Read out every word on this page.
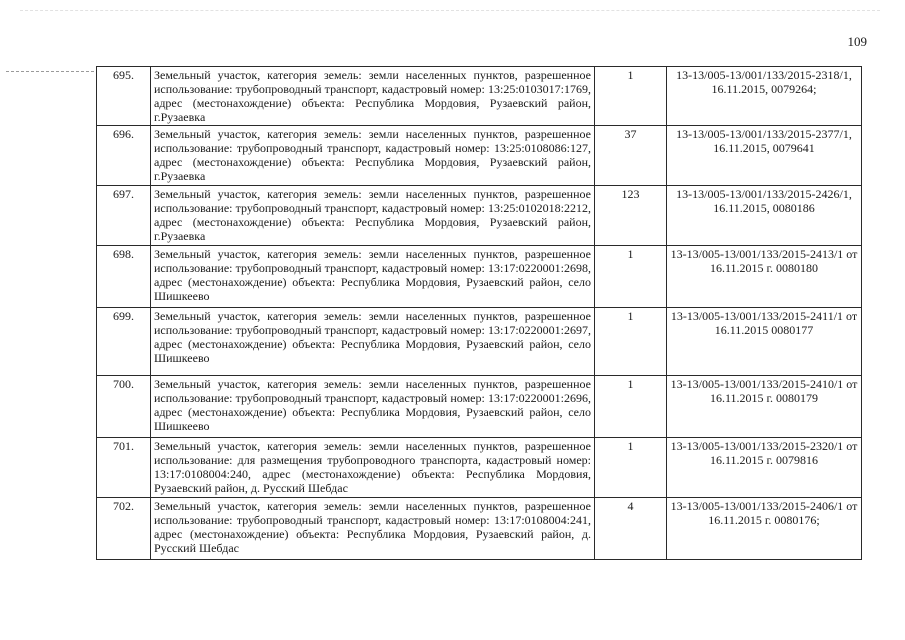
109
695.	Земельный участок, категория земель: земли населенных пунктов, разрешенное использование: трубопроводный транспорт, кадастровый номер: 13:25:0103017:1769, адрес (местонахождение) объекта: Республика Мордовия, Рузаевский район, г.Рузаевка	1	13-13/005-13/001/133/2015-2318/1, 16.11.2015, 0079264;
696.	Земельный участок, категория земель: земли населенных пунктов, разрешенное использование: трубопроводный транспорт, кадастровый номер: 13:25:0108086:127, адрес (местонахождение) объекта: Республика Мордовия, Рузаевский район, г.Рузаевка	37	13-13/005-13/001/133/2015-2377/1, 16.11.2015, 0079641
697.	Земельный участок, категория земель: земли населенных пунктов, разрешенное использование: трубопроводный транспорт, кадастровый номер: 13:25:0102018:2212, адрес (местонахождение) объекта: Республика Мордовия, Рузаевский район, г.Рузаевка	123	13-13/005-13/001/133/2015-2426/1, 16.11.2015, 0080186
698.	Земельный участок, категория земель: земли населенных пунктов, разрешенное использование: трубопроводный транспорт, кадастровый номер: 13:17:0220001:2698, адрес (местонахождение) объекта: Республика Мордовия, Рузаевский район, село Шишкеево	1	13-13/005-13/001/133/2015-2413/1 от 16.11.2015 г. 0080180
699.	Земельный участок, категория земель: земли населенных пунктов, разрешенное использование: трубопроводный транспорт, кадастровый номер: 13:17:0220001:2697, адрес (местонахождение) объекта: Республика Мордовия, Рузаевский район, село Шишкеево	1	13-13/005-13/001/133/2015-2411/1 от 16.11.2015 0080177
700.	Земельный участок, категория земель: земли населенных пунктов, разрешенное использование: трубопроводный транспорт, кадастровый номер: 13:17:0220001:2696, адрес (местонахождение) объекта: Республика Мордовия, Рузаевский район, село Шишкеево	1	13-13/005-13/001/133/2015-2410/1 от 16.11.2015 г. 0080179
701.	Земельный участок, категория земель: земли населенных пунктов, разрешенное использование: для размещения трубопроводного транспорта, кадастровый номер: 13:17:0108004:240, адрес (местонахождение) объекта: Республика Мордовия, Рузаевский район, д. Русский Шебдас	1	13-13/005-13/001/133/2015-2320/1 от 16.11.2015 г. 0079816
702.	Земельный участок, категория земель: земли населенных пунктов, разрешенное использование: трубопроводный транспорт, кадастровый номер: 13:17:0108004:241, адрес (местонахождение) объекта: Республика Мордовия, Рузаевский район, д. Русский Шебдас	4	13-13/005-13/001/133/2015-2406/1 от 16.11.2015 г. 0080176;
